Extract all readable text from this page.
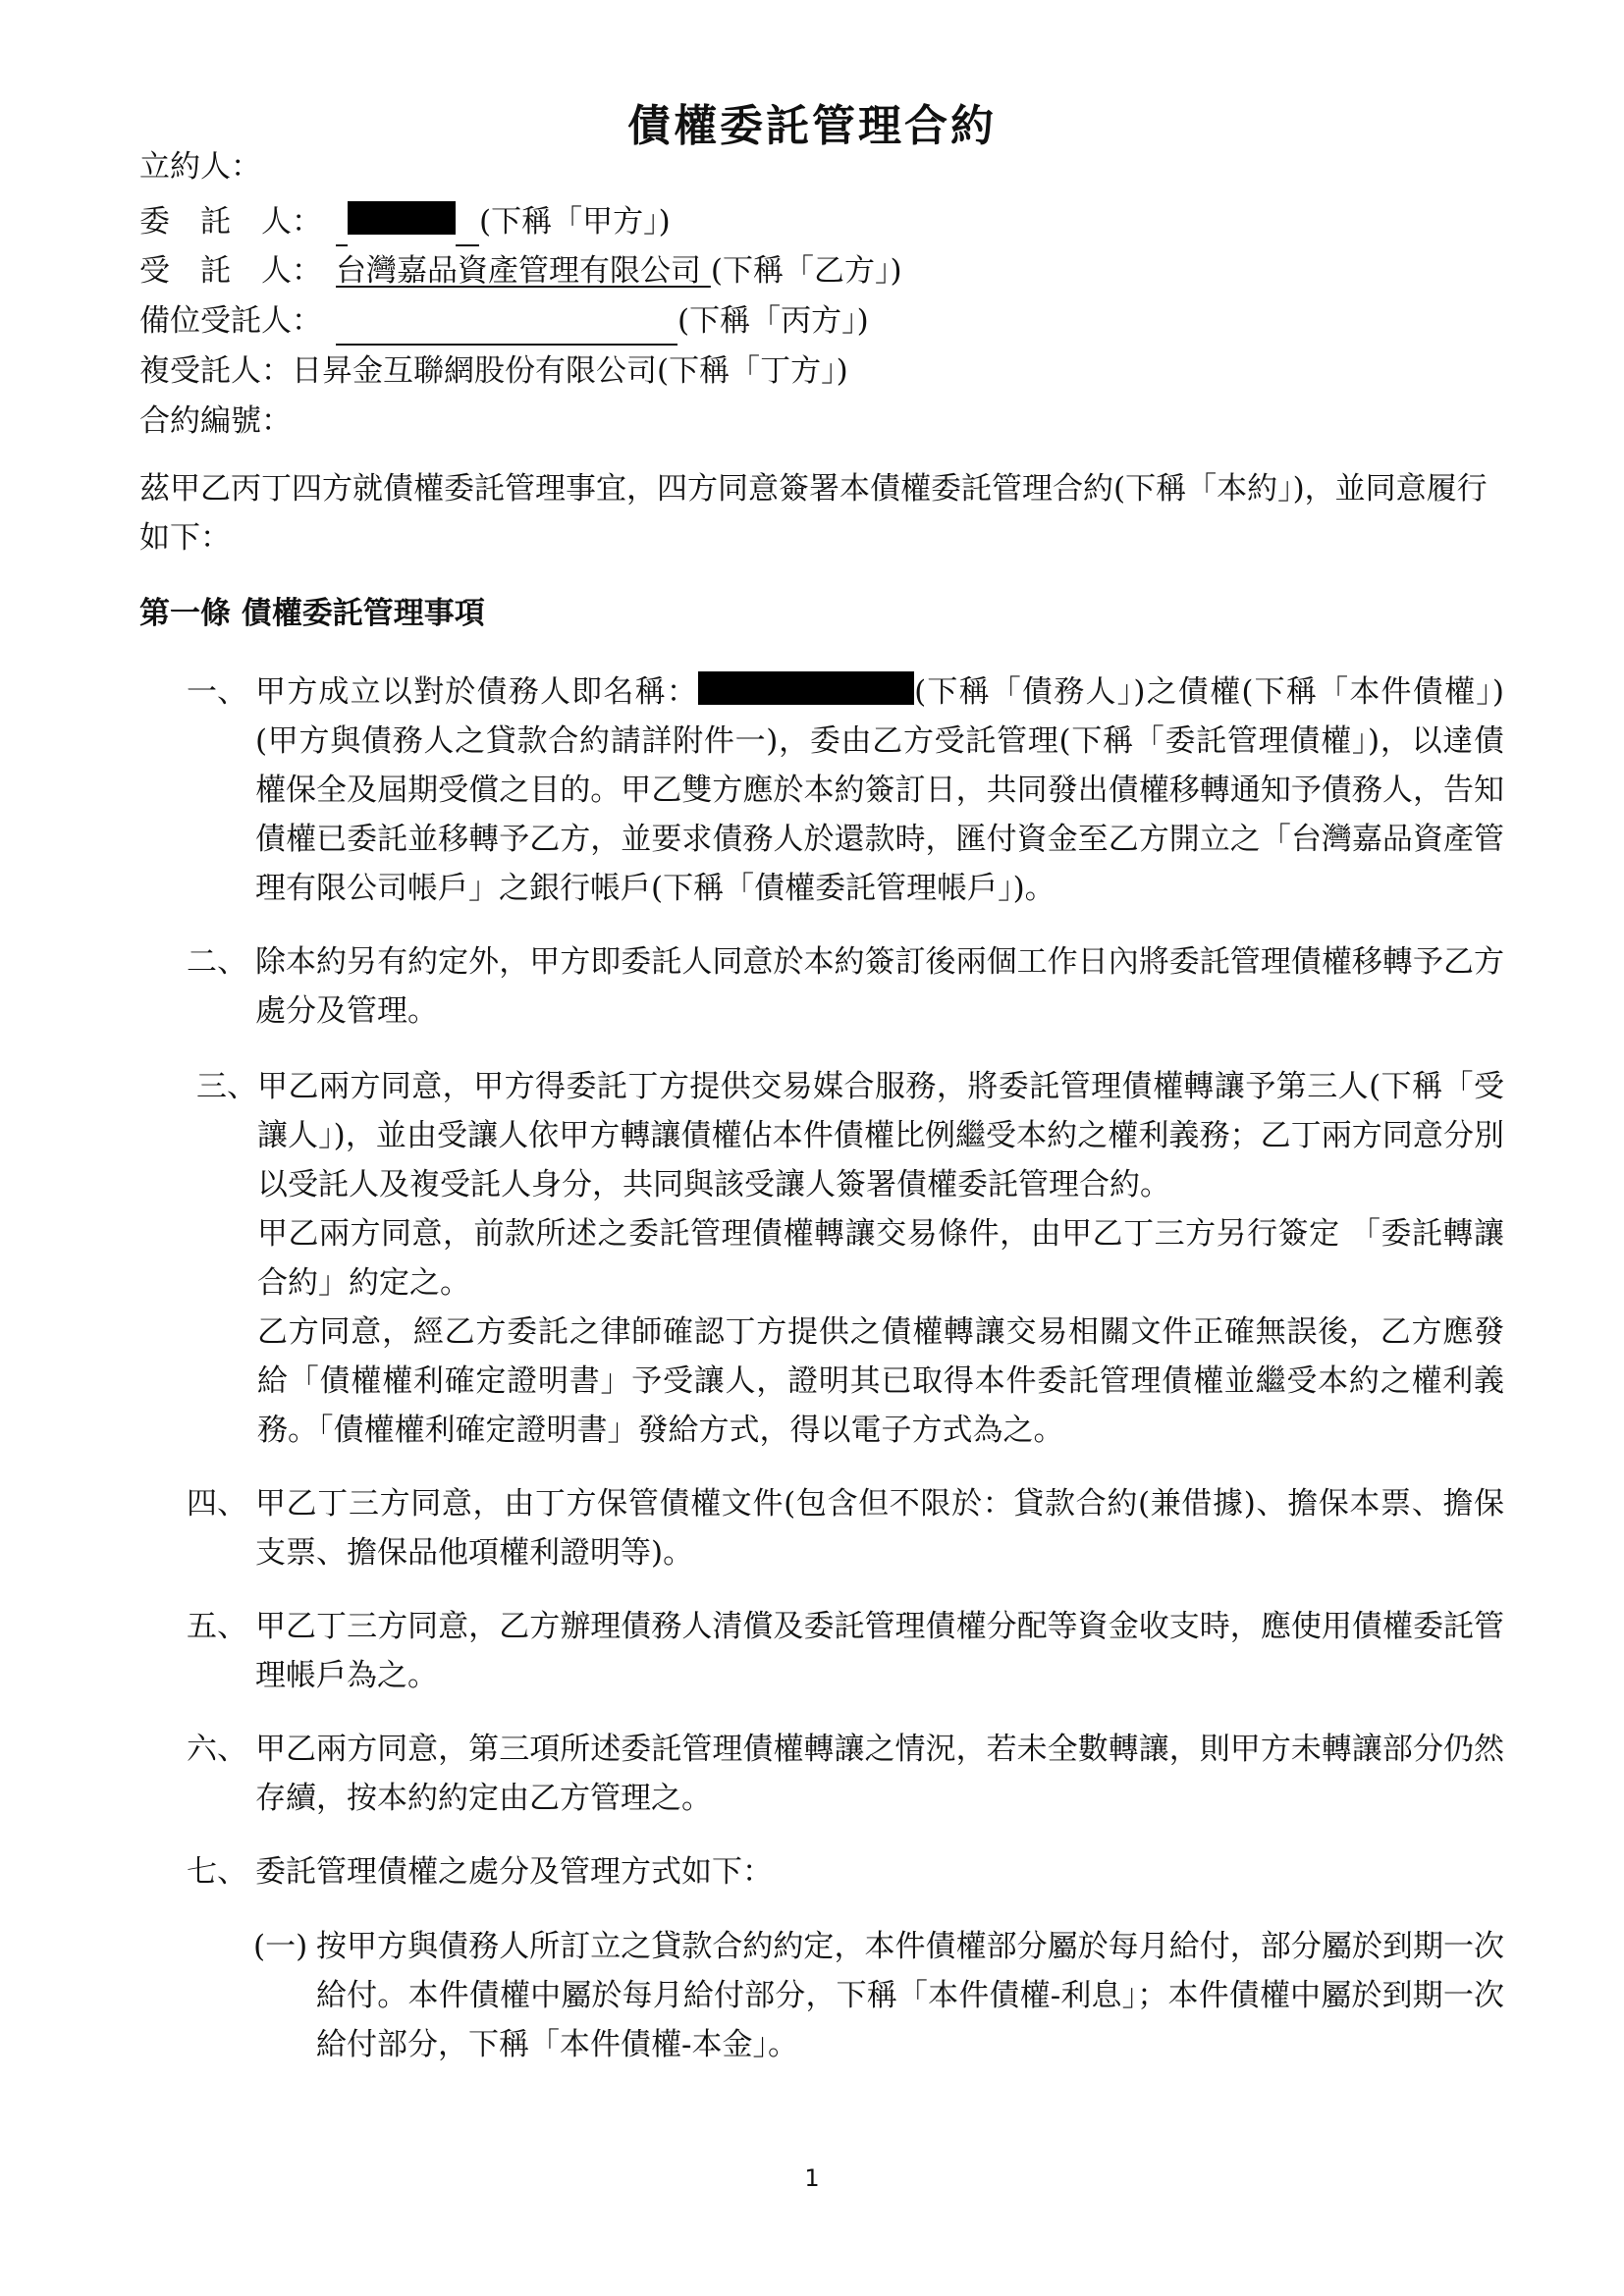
債權委託管理合約
立約人：
委　託　人：	(下稱「甲方」)
受　託　人： 台灣嘉品資產管理有限公司 (下稱「乙方」)
備位受託人：	(下稱「丙方」)
複受託人：日昇金互聯網股份有限公司(下稱「丁方」)
合約編號：
茲甲乙丙丁四方就債權委託管理事宜，四方同意簽署本債權委託管理合約(下稱「本約」)，並同意履行如下：
第一條 債權委託管理事項
一、 甲方成立以對於債務人即名稱：	(下稱「債務人」)之債權(下稱「本件債權」)(甲方與債務人之貸款合約請詳附件一)，委由乙方受託管理(下稱「委託管理債權」)，以達債權保全及屆期受償之目的。甲乙雙方應於本約簽訂日，共同發出債權移轉通知予債務人，告知債權已委託並移轉予乙方，並要求債務人於還款時，匯付資金至乙方開立之「台灣嘉品資產管理有限公司帳戶」之銀行帳戶(下稱「債權委託管理帳戶」)。
二、 除本約另有約定外，甲方即委託人同意於本約簽訂後兩個工作日內將委託管理債權移轉予乙方處分及管理。
三、 甲乙兩方同意，甲方得委託丁方提供交易媒合服務，將委託管理債權轉讓予第三人(下稱「受讓人」)，並由受讓人依甲方轉讓債權佔本件債權比例繼受本約之權利義務；乙丁兩方同意分別以受託人及複受託人身分，共同與該受讓人簽署債權委託管理合約。
甲乙兩方同意，前款所述之委託管理債權轉讓交易條件，由甲乙丁三方另行簽定 「委託轉讓合約」約定之。
乙方同意，經乙方委託之律師確認丁方提供之債權轉讓交易相關文件正確無誤後，乙方應發給「債權權利確定證明書」予受讓人，證明其已取得本件委託管理債權並繼受本約之權利義務。「債權權利確定證明書」發給方式，得以電子方式為之。
四、 甲乙丁三方同意，由丁方保管債權文件(包含但不限於：貸款合約(兼借據)、擔保本票、擔保支票、擔保品他項權利證明等)。
五、 甲乙丁三方同意，乙方辦理債務人清償及委託管理債權分配等資金收支時，應使用債權委託管理帳戶為之。
六、 甲乙兩方同意，第三項所述委託管理債權轉讓之情況，若未全數轉讓，則甲方未轉讓部分仍然存續，按本約約定由乙方管理之。
七、 委託管理債權之處分及管理方式如下：
(一) 按甲方與債務人所訂立之貸款合約約定，本件債權部分屬於每月給付，部分屬於到期一次給付。本件債權中屬於每月給付部分，下稱「本件債權-利息」；本件債權中屬於到期一次給付部分，下稱「本件債權-本金」。
1
